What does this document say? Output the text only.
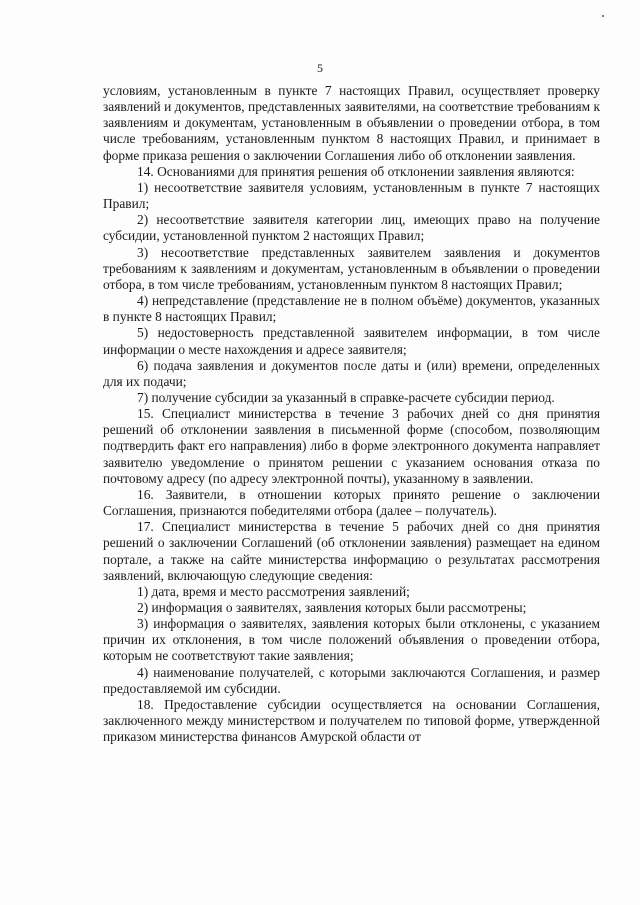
5

условиям, установленным в пункте 7 настоящих Правил, осуществляет проверку заявлений и документов, представленных заявителями, на соответствие требованиям к заявлениям и документам, установленным в объявлении о проведении отбора, в том числе требованиям, установленным пунктом 8 настоящих Правил, и принимает в форме приказа решения о заключении Соглашения либо об отклонении заявления.

14. Основаниями для принятия решения об отклонении заявления являются:

1) несоответствие заявителя условиям, установленным в пункте 7 настоящих Правил;

2) несоответствие заявителя категории лиц, имеющих право на получение субсидии, установленной пунктом 2 настоящих Правил;

3) несоответствие представленных заявителем заявления и документов требованиям к заявлениям и документам, установленным в объявлении о проведении отбора, в том числе требованиям, установленным пунктом 8 настоящих Правил;

4) непредставление (представление не в полном объёме) документов, указанных в пункте 8 настоящих Правил;

5) недостоверность представленной заявителем информации, в том числе информации о месте нахождения и адресе заявителя;

6) подача заявления и документов после даты и (или) времени, определенных для их подачи;

7) получение субсидии за указанный в справке-расчете субсидии период.

15. Специалист министерства в течение 3 рабочих дней со дня принятия решений об отклонении заявления в письменной форме (способом, позволяющим подтвердить факт его направления) либо в форме электронного документа направляет заявителю уведомление о принятом решении с указанием основания отказа по почтовому адресу (по адресу электронной почты), указанному в заявлении.

16. Заявители, в отношении которых принято решение о заключении Соглашения, признаются победителями отбора (далее – получатель).

17. Специалист министерства в течение 5 рабочих дней со дня принятия решений о заключении Соглашений (об отклонении заявления) размещает на едином портале, а также на сайте министерства информацию о результатах рассмотрения заявлений, включающую следующие сведения:

1) дата, время и место рассмотрения заявлений;

2) информация о заявителях, заявления которых были рассмотрены;

3) информация о заявителях, заявления которых были отклонены, с указанием причин их отклонения, в том числе положений объявления о проведении отбора, которым не соответствуют такие заявления;

4) наименование получателей, с которыми заключаются Соглашения, и размер предоставляемой им субсидии.

18. Предоставление субсидии осуществляется на основании Соглашения, заключенного между министерством и получателем по типовой форме, утвержденной приказом министерства финансов Амурской области от
